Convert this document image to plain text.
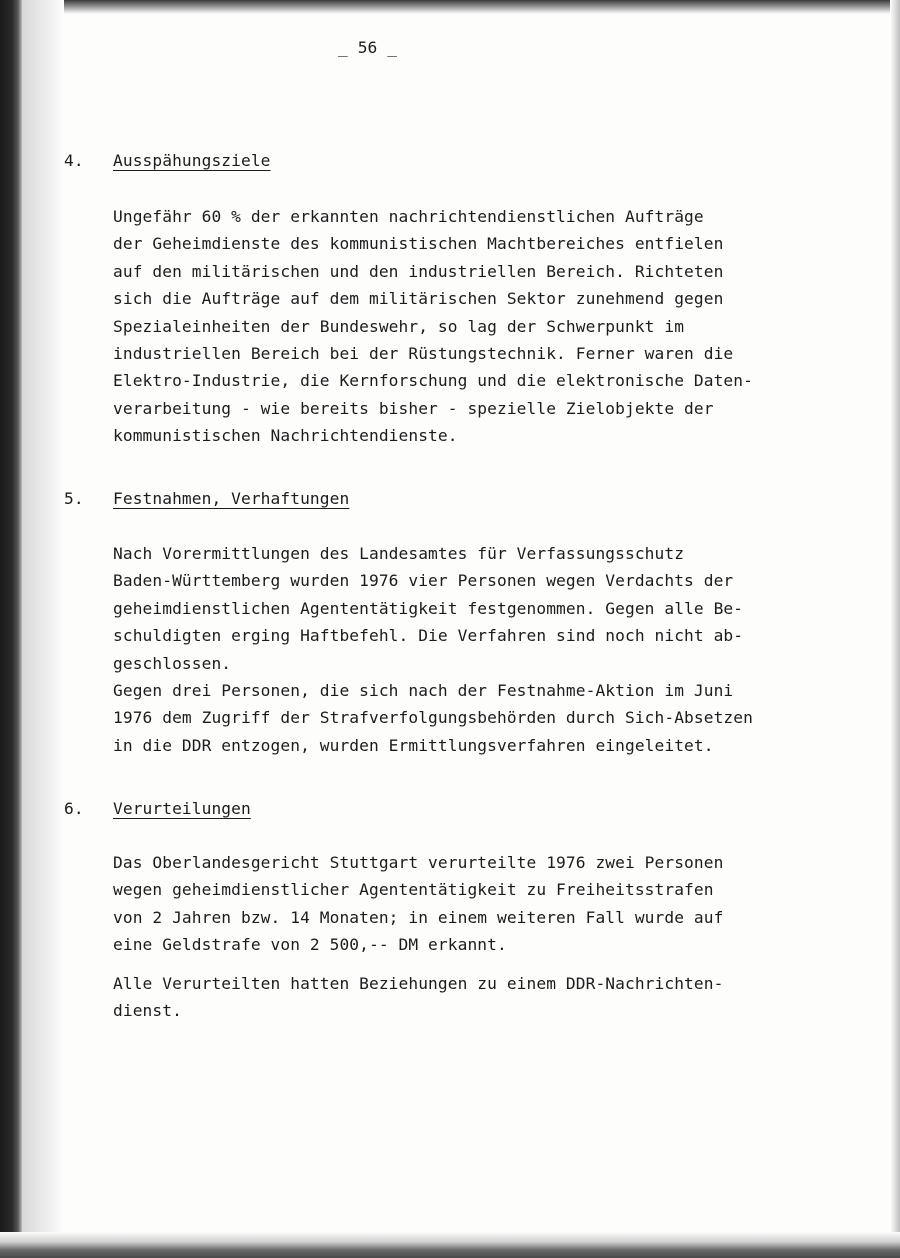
_ 56 _
4. Ausspähungsziele
Ungefähr 60 % der erkannten nachrichtendienstlichen Aufträge
der Geheimdienste des kommunistischen Machtbereiches entfielen
auf den militärischen und den industriellen Bereich. Richteten
sich die Aufträge auf dem militärischen Sektor zunehmend gegen
Spezialeinheiten der Bundeswehr, so lag der Schwerpunkt im
industriellen Bereich bei der Rüstungstechnik. Ferner waren die
Elektro-Industrie, die Kernforschung und die elektronische Daten-
verarbeitung - wie bereits bisher - spezielle Zielobjekte der
kommunistischen Nachrichtendienste.
5. Festnahmen, Verhaftungen
Nach Vorermittlungen des Landesamtes für Verfassungsschutz
Baden-Württemberg wurden 1976 vier Personen wegen Verdachts der
geheimdienstlichen Agententätigkeit festgenommen. Gegen alle Be-
schuldigten erging Haftbefehl. Die Verfahren sind noch nicht ab-
geschlossen.
Gegen drei Personen, die sich nach der Festnahme-Aktion im Juni
1976 dem Zugriff der Strafverfolgungsbehörden durch Sich-Absetzen
in die DDR entzogen, wurden Ermittlungsverfahren eingeleitet.
6. Verurteilungen
Das Oberlandesgericht Stuttgart verurteilte 1976 zwei Personen
wegen geheimdienstlicher Agententätigkeit zu Freiheitsstrafen
von 2 Jahren bzw. 14 Monaten; in einem weiteren Fall wurde auf
eine Geldstrafe von 2 500,-- DM erkannt.
Alle Verurteilten hatten Beziehungen zu einem DDR-Nachrichten-
dienst.
